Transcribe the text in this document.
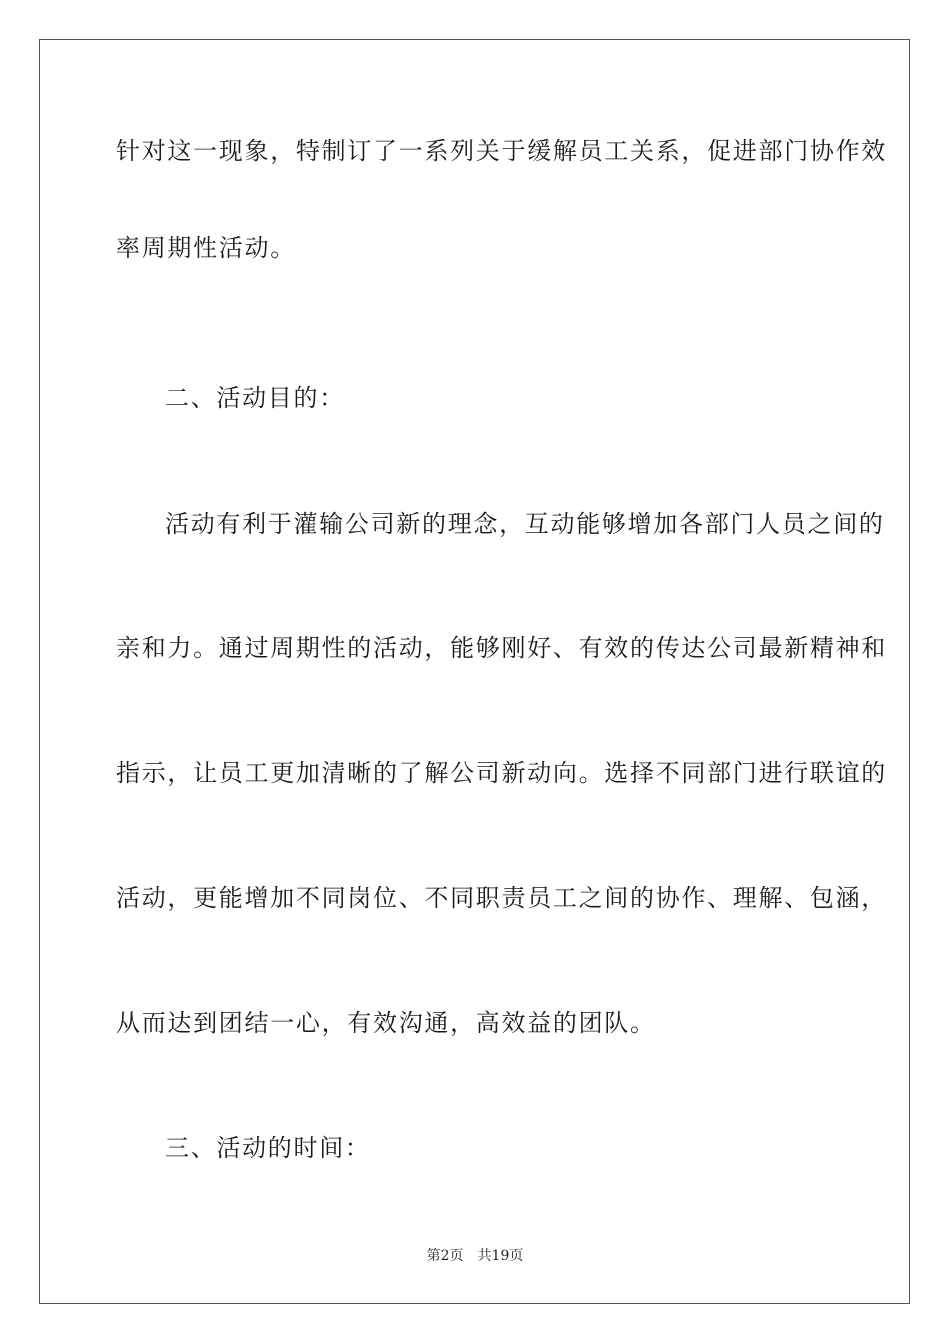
针对这一现象，特制订了一系列关于缓解员工关系，促进部门协作效
率周期性活动。
二、活动目的：
活动有利于灌输公司新的理念，互动能够增加各部门人员之间的
亲和力。通过周期性的活动，能够刚好、有效的传达公司最新精神和
指示，让员工更加清晰的了解公司新动向。选择不同部门进行联谊的
活动，更能增加不同岗位、不同职责员工之间的协作、理解、包涵，
从而达到团结一心，有效沟通，高效益的团队。
三、活动的时间：
第2页 共19页
